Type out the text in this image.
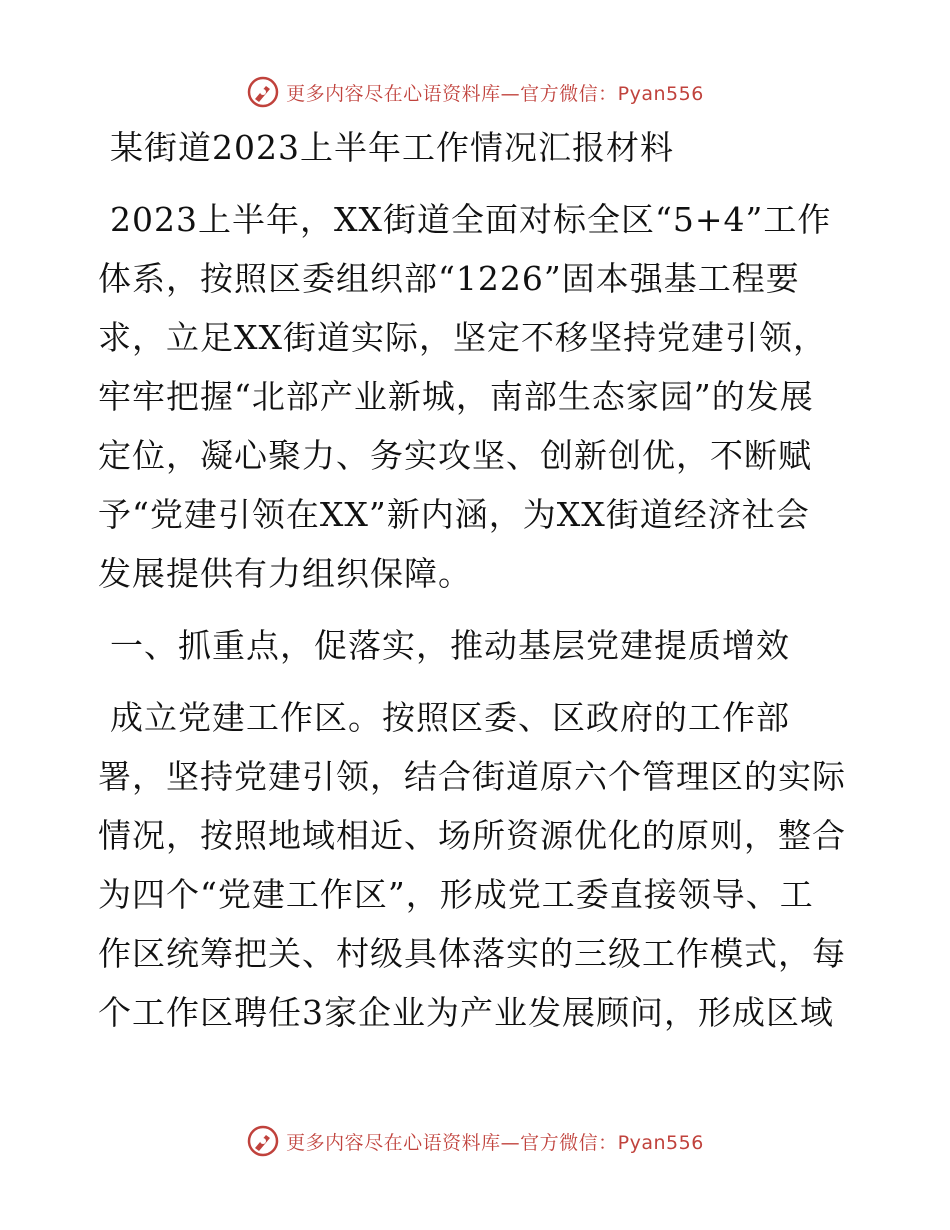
更多内容尽在心语资料库—官方微信：Pyan556
某街道2023上半年工作情况汇报材料
2023上半年，XX街道全面对标全区“5+4”工作
体系，按照区委组织部“1226”固本强基工程要
求，立足XX街道实际，坚定不移坚持党建引领，
牢牢把握“北部产业新城，南部生态家园”的发展
定位，凝心聚力、务实攻坚、创新创优，不断赋
予“党建引领在XX”新内涵，为XX街道经济社会
发展提供有力组织保障。
一、抓重点，促落实，推动基层党建提质增效
成立党建工作区。按照区委、区政府的工作部
署，坚持党建引领，结合街道原六个管理区的实际
情况，按照地域相近、场所资源优化的原则，整合
为四个“党建工作区”，形成党工委直接领导、工
作区统筹把关、村级具体落实的三级工作模式，每
个工作区聘任3家企业为产业发展顾问，形成区域
更多内容尽在心语资料库—官方微信：Pyan556
